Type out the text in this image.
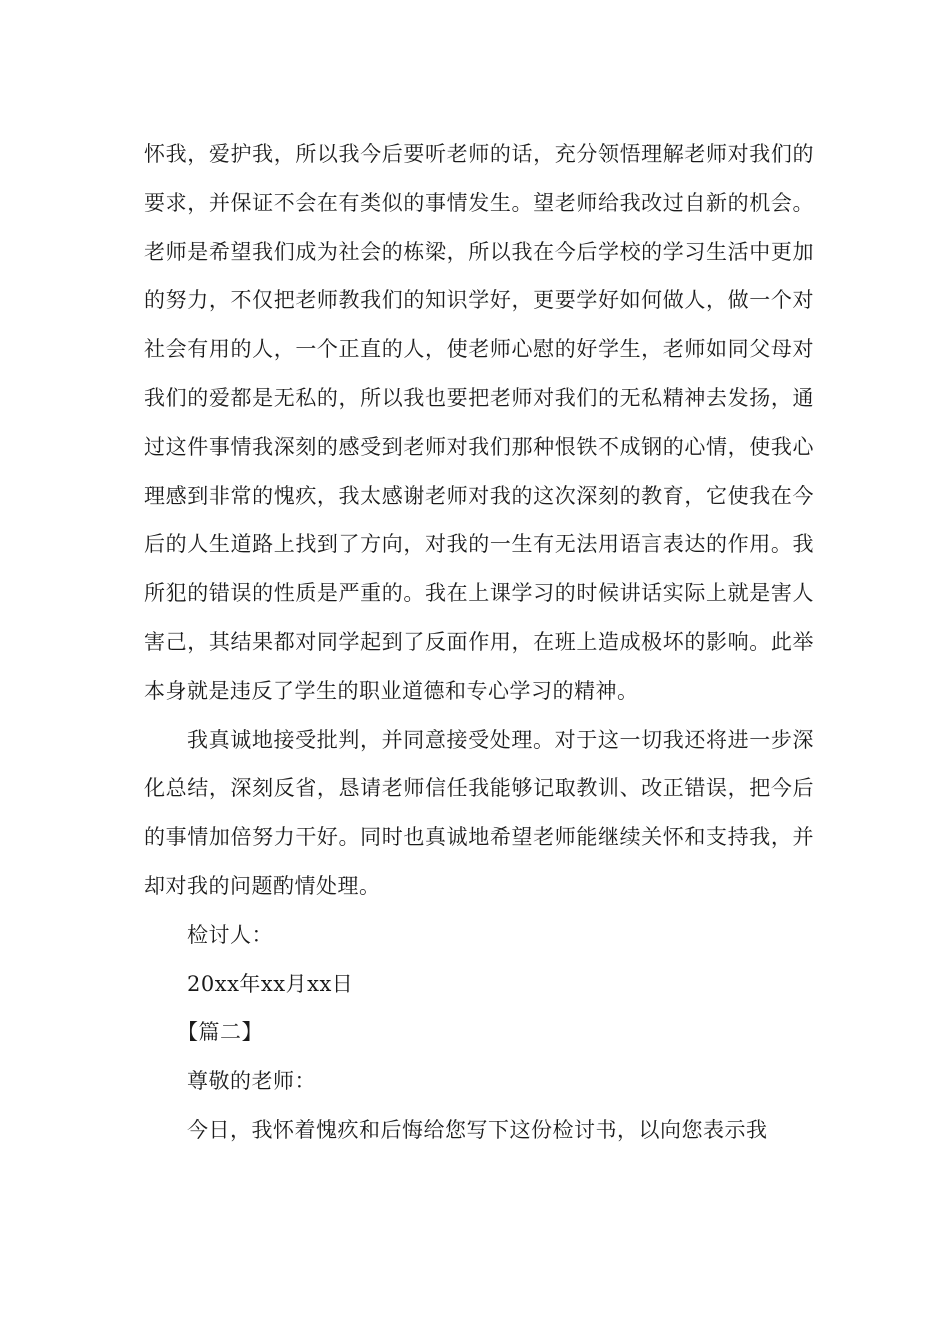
怀我，爱护我，所以我今后要听老师的话，充分领悟理解老师对我们的要求，并保证不会在有类似的事情发生。望老师给我改过自新的机会。老师是希望我们成为社会的栋梁，所以我在今后学校的学习生活中更加的努力，不仅把老师教我们的知识学好，更要学好如何做人，做一个对社会有用的人，一个正直的人，使老师心慰的好学生，老师如同父母对我们的爱都是无私的，所以我也要把老师对我们的无私精神去发扬，通过这件事情我深刻的感受到老师对我们那种恨铁不成钢的心情，使我心理感到非常的愧疚，我太感谢老师对我的这次深刻的教育，它使我在今后的人生道路上找到了方向，对我的一生有无法用语言表达的作用。我所犯的错误的性质是严重的。我在上课学习的时候讲话实际上就是害人害己，其结果都对同学起到了反面作用，在班上造成极坏的影响。此举本身就是违反了学生的职业道德和专心学习的精神。

我真诚地接受批判，并同意接受处理。对于这一切我还将进一步深化总结，深刻反省，恳请老师信任我能够记取教训、改正错误，把今后的事情加倍努力干好。同时也真诚地希望老师能继续关怀和支持我，并却对我的问题酌情处理。

检讨人：

20xx年xx月xx日

【篇二】

尊敬的老师：

今日，我怀着愧疚和后悔给您写下这份检讨书，以向您表示我
